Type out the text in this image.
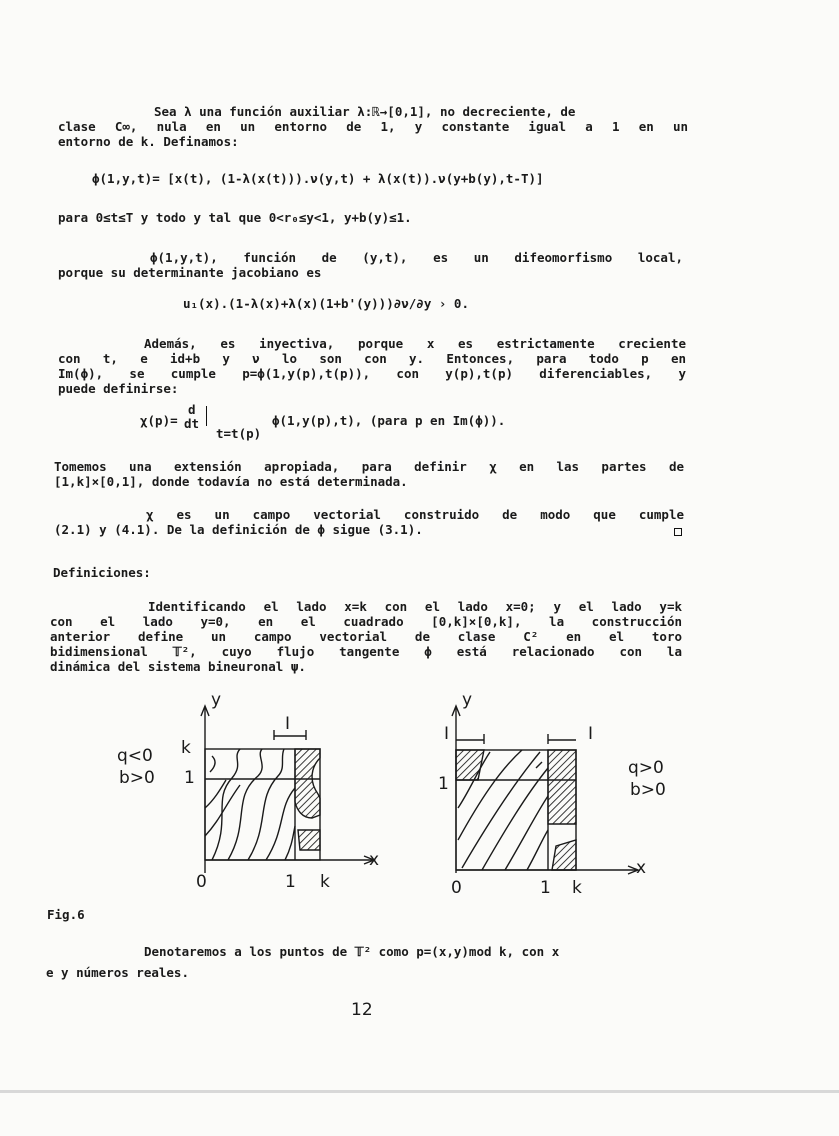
Sea λ una función auxiliar λ:ℝ→[0,1], no decreciente, de
clase C∞, nula en un entorno de 1, y constante igual a 1 en un
entorno de k. Definamos:
ϕ(1,y,t)= [x(t), (1-λ(x(t))).ν(y,t) + λ(x(t)).ν(y+b(y),t-T)]
para 0≤t≤T y todo y tal que 0<r₀≤y<1, y+b(y)≤1.
ϕ(1,y,t), función de (y,t), es un difeomorfismo local,
porque su determinante jacobiano es
u₁(x).(1-λ(x)+λ(x)(1+b'(y)))∂ν/∂y › 0.
Además, es inyectiva, porque x es estrictamente creciente
con t, e id+b y ν lo son con y. Entonces, para todo p en
Im(ϕ), se cumple p=ϕ(1,y(p),t(p)), con y(p),t(p) diferenciables, y
puede definirse:
χ(p)=
d
dt	ϕ(1,y(p),t), (para p en Im(ϕ)).
t=t(p)
Tomemos una extensión apropiada, para definir χ en las partes de
[1,k]×[0,1], donde todavía no está determinada.
χ es un campo vectorial construido de modo que cumple
(2.1) y (4.1). De la definición de ϕ sigue (3.1).
Definiciones:
Identificando el lado x=k con el lado x=0; y el lado y=k
con el lado y=0, en el cuadrado [0,k]×[0,k], la construcción
anterior define un campo vectorial de clase C² en el toro
bidimensional 𝕋², cuyo flujo tangente ϕ está relacionado con la
dinámica del sistema bineuronal ψ.
q<0
b>0
y
x
k
1
0	1 k
I
q>0
b>0
y
x
I	I
1
0	1 k
Fig.6
Denotaremos a los puntos de 𝕋² como p=(x,y)mod k, con x
e y números reales.
12
